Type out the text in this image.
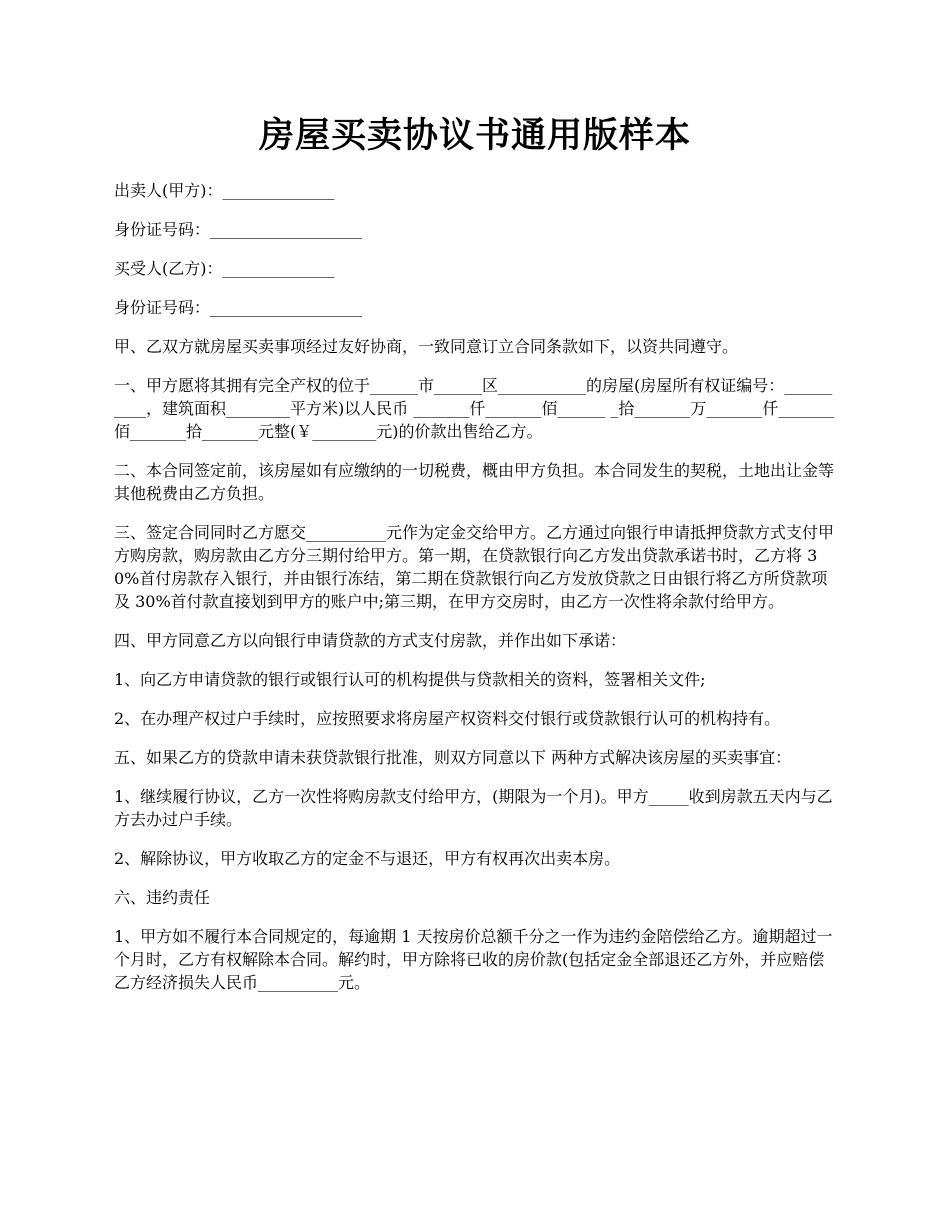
房屋买卖协议书通用版样本

出卖人(甲方)：______________

身份证号码：___________________

买受人(乙方)：______________

身份证号码：___________________

甲、乙双方就房屋买卖事项经过友好协商，一致同意订立合同条款如下，以资共同遵守。

一、甲方愿将其拥有完全产权的位于______市______区___________的房屋(房屋所有权证编号：__________，建筑面积________平方米)以人民币 _______仟_______佰______ _拾_______万_______仟_______佰_______拾_______元整(￥________元)的价款出售给乙方。

二、本合同签定前，该房屋如有应缴纳的一切税费，概由甲方负担。本合同发生的契税，土地出让金等其他税费由乙方负担。

三、签定合同同时乙方愿交__________元作为定金交给甲方。乙方通过向银行申请抵押贷款方式支付甲方购房款，购房款由乙方分三期付给甲方。第一期，在贷款银行向乙方发出贷款承诺书时，乙方将 30%首付房款存入银行，并由银行冻结，第二期在贷款银行向乙方发放贷款之日由银行将乙方所贷款项及 30%首付款直接划到甲方的账户中;第三期，在甲方交房时，由乙方一次性将余款付给甲方。

四、甲方同意乙方以向银行申请贷款的方式支付房款，并作出如下承诺：

1、向乙方申请贷款的银行或银行认可的机构提供与贷款相关的资料，签署相关文件;

2、在办理产权过户手续时，应按照要求将房屋产权资料交付银行或贷款银行认可的机构持有。

五、如果乙方的贷款申请未获贷款银行批准，则双方同意以下 两种方式解决该房屋的买卖事宜：

1、继续履行协议，乙方一次性将购房款支付给甲方，(期限为一个月)。甲方_____收到房款五天内与乙方去办过户手续。

2、解除协议，甲方收取乙方的定金不与退还，甲方有权再次出卖本房。

六、违约责任

1、甲方如不履行本合同规定的，每逾期 1 天按房价总额千分之一作为违约金陪偿给乙方。逾期超过一个月时，乙方有权解除本合同。解约时，甲方除将已收的房价款(包括定金全部退还乙方外，并应赔偿乙方经济损失人民币__________元。
